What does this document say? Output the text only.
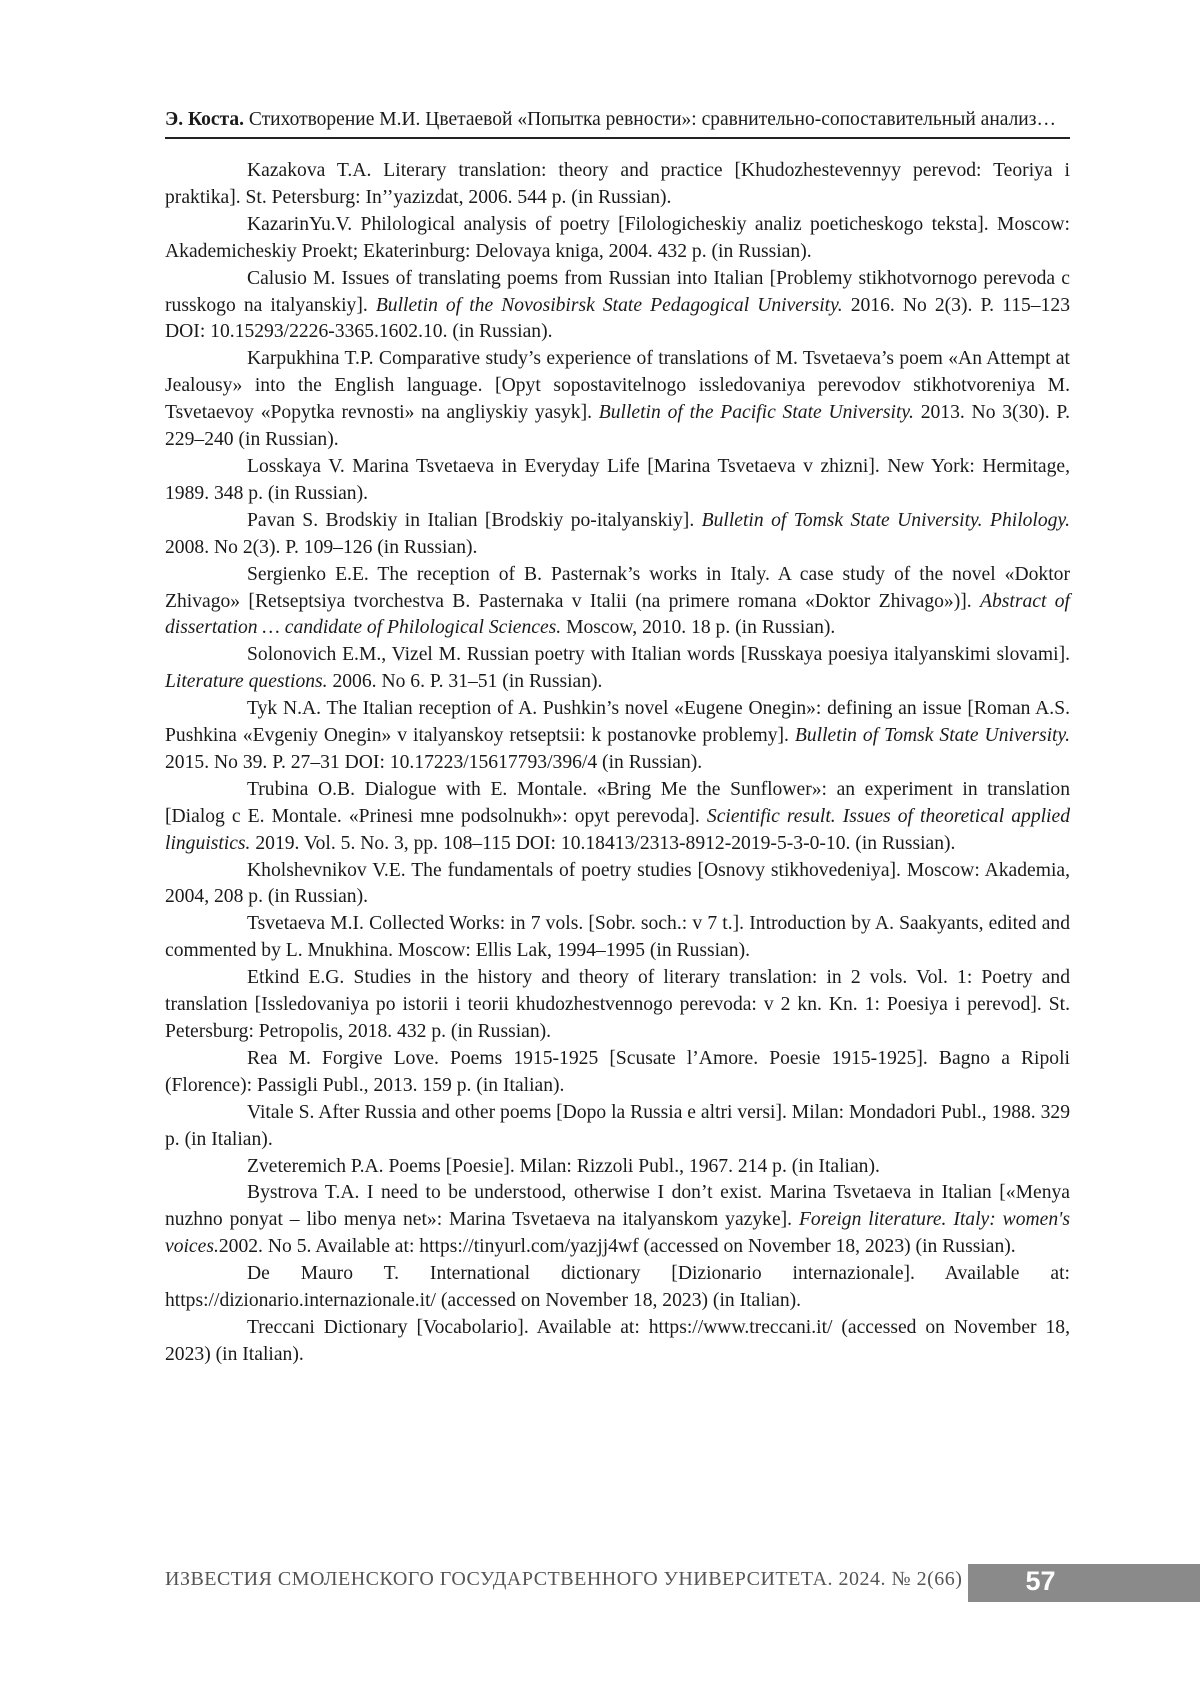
Э. Коста. Стихотворение М.И. Цветаевой «Попытка ревности»: сравнительно-сопоставительный анализ…

Kazakova T.A. Literary translation: theory and practice [Khudozhestevennyy perevod: Teoriya i praktika]. St. Petersburg: In’’yazizdat, 2006. 544 p. (in Russian).

KazarinYu.V. Philological analysis of poetry [Filologicheskiy analiz poeticheskogo teksta]. Moscow: Akademicheskiy Proekt; Ekaterinburg: Delovaya kniga, 2004. 432 p. (in Russian).

Calusio M. Issues of translating poems from Russian into Italian [Problemy stikhotvornogo perevoda c russkogo na italyanskiy]. Bulletin of the Novosibirsk State Pedagogical University. 2016. No 2(3). P. 115–123 DOI: 10.15293/2226-3365.1602.10. (in Russian).

Karpukhina T.P. Comparative study’s experience of translations of M. Tsvetaeva’s poem «An Attempt at Jealousy» into the English language. [Opyt sopostavitelnogo issledovaniya perevodov stikhotvoreniya M. Tsvetaevoy «Popytka revnosti» na angliyskiy yasyk]. Bulletin of the Pacific State University. 2013. No 3(30). P. 229–240 (in Russian).

Losskaya V. Marina Tsvetaeva in Everyday Life [Marina Tsvetaeva v zhizni]. New York: Hermitage, 1989. 348 p. (in Russian).

Pavan S. Brodskiy in Italian [Brodskiy po-italyanskiy]. Bulletin of Tomsk State University. Philology. 2008. No 2(3). P. 109–126 (in Russian).

Sergienko E.E. The reception of B. Pasternak’s works in Italy. A case study of the novel «Doktor Zhivago» [Retseptsiya tvorchestva B. Pasternaka v Italii (na primere romana «Doktor Zhivago»)]. Abstract of dissertation … candidate of Philological Sciences. Moscow, 2010. 18 p. (in Russian).

Solonovich E.M., Vizel M. Russian poetry with Italian words [Russkaya poesiya italyanskimi slovami]. Literature questions. 2006. No 6. P. 31–51 (in Russian).

Tyk N.A. The Italian reception of A. Pushkin’s novel «Eugene Onegin»: defining an issue [Roman A.S. Pushkina «Evgeniy Onegin» v italyanskoy retseptsii: k postanovke problemy]. Bulletin of Tomsk State University. 2015. No 39. P. 27–31 DOI: 10.17223/15617793/396/4 (in Russian).

Trubina O.B. Dialogue with E. Montale. «Bring Me the Sunflower»: an experiment in translation [Dialog c E. Montale. «Prinesi mne podsolnukh»: opyt perevoda]. Scientific result. Issues of theoretical applied linguistics. 2019. Vol. 5. No. 3, pp. 108–115 DOI: 10.18413/2313-8912-2019-5-3-0-10. (in Russian).

Kholshevnikov V.E. The fundamentals of poetry studies [Osnovy stikhovedeniya]. Moscow: Akademia, 2004, 208 p. (in Russian).

Tsvetaeva M.I. Collected Works: in 7 vols. [Sobr. soch.: v 7 t.]. Introduction by A. Saakyants, edited and commented by L. Mnukhina. Moscow: Ellis Lak, 1994–1995 (in Russian).

Etkind E.G. Studies in the history and theory of literary translation: in 2 vols. Vol. 1: Poetry and translation [Issledovaniya po istorii i teorii khudozhestvennogo perevoda: v 2 kn. Kn. 1: Poesiya i perevod]. St. Petersburg: Petropolis, 2018. 432 p. (in Russian).

Rea M. Forgive Love. Poems 1915-1925 [Scusate l’Amore. Poesie 1915-1925]. Bagno a Ripoli (Florence): Passigli Publ., 2013. 159 p. (in Italian).

Vitale S. After Russia and other poems [Dopo la Russia e altri versi]. Milan: Mondadori Publ., 1988. 329 p. (in Italian).

Zveteremich P.A. Poems [Poesie]. Milan: Rizzoli Publ., 1967. 214 p. (in Italian).

Bystrova T.A. I need to be understood, otherwise I don’t exist. Marina Tsvetaeva in Italian [«Menya nuzhno ponyat – libo menya net»: Marina Tsvetaeva na italyanskom yazyke]. Foreign literature. Italy: women's voices.2002. No 5. Available at: https://tinyurl.com/yazjj4wf (accessed on November 18, 2023) (in Russian).

De Mauro T. International dictionary [Dizionario internazionale]. Available at: https://dizionario.internazionale.it/ (accessed on November 18, 2023) (in Italian).

Treccani Dictionary [Vocabolario]. Available at: https://www.treccani.it/ (accessed on November 18, 2023) (in Italian).

ИЗВЕСТИЯ СМОЛЕНСКОГО ГОСУДАРСТВЕННОГО УНИВЕРСИТЕТА. 2024. № 2(66)	57
